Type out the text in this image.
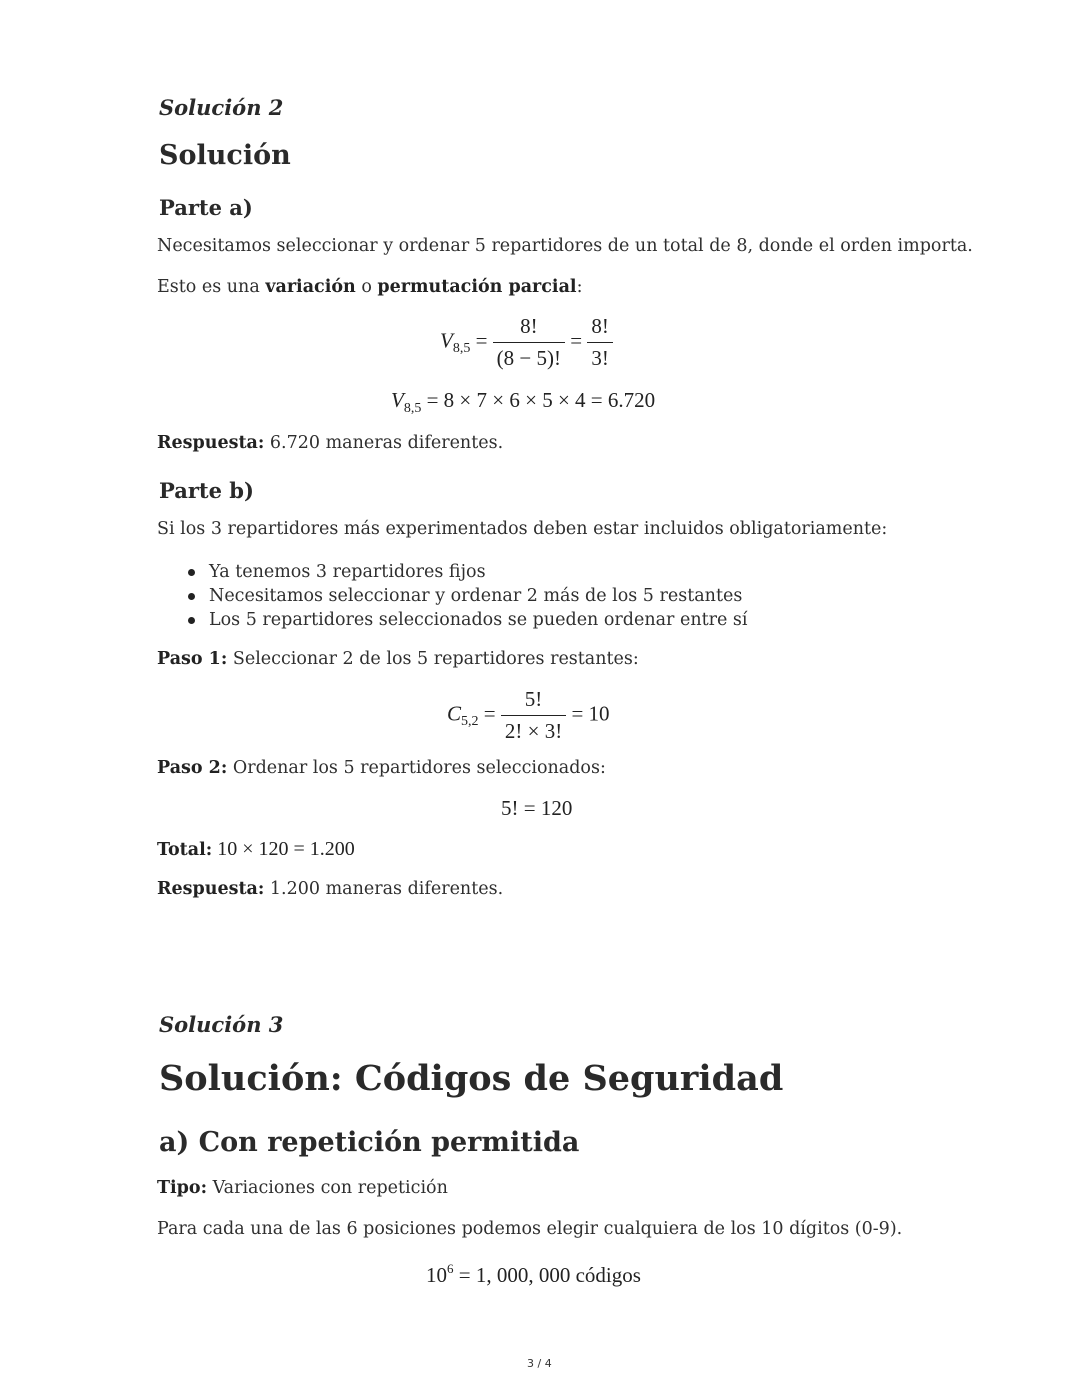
Solución 2
Solución
Parte a)
Necesitamos seleccionar y ordenar 5 repartidores de un total de 8, donde el orden importa.
Esto es una variación o permutación parcial:
$V_{8,5} = \frac{8!}{(8 - 5)!} = \frac{8!}{3!}$
$V_{8,5} = 8 \times 7 \times 6 \times 5 \times 4 = 6.720$
Respuesta: 6.720 maneras diferentes.
Parte b)
Si los 3 repartidores más experimentados deben estar incluidos obligatoriamente:
Ya tenemos 3 repartidores fijos
Necesitamos seleccionar y ordenar 2 más de los 5 restantes
Los 5 repartidores seleccionados se pueden ordenar entre sí
Paso 1: Seleccionar 2 de los 5 repartidores restantes:
$C_{5,2} = \frac{5!}{2! \times 3!} = 10$
Paso 2: Ordenar los 5 repartidores seleccionados:
5! = 120
Total: 10 × 120 = 1.200
Respuesta: 1.200 maneras diferentes.
Solución 3
Solución: Códigos de Seguridad
a) Con repetición permitida
Tipo: Variaciones con repetición
Para cada una de las 6 posiciones podemos elegir cualquiera de los 10 dígitos (0-9).
$10^6 = 1$, 000, 000 códigos
3 / 4
